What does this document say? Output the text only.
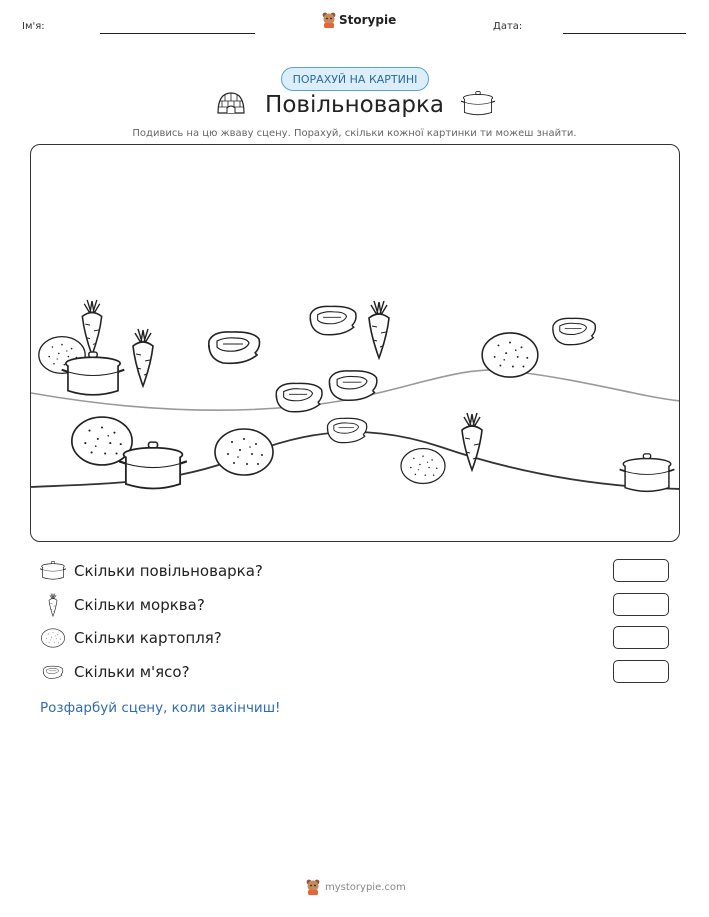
Ім'я:	Storypie	Дата:
ПОРАХУЙ НА КАРТИНІ
Повільноварка
Подивись на цю жваву сцену. Порахуй, скільки кожної картинки ти можеш знайти.
Скільки повільноварка?
Скільки морква?
Скільки картопля?
Скільки м'ясо?
Розфарбуй сцену, коли закінчиш!
mystorypie.com
